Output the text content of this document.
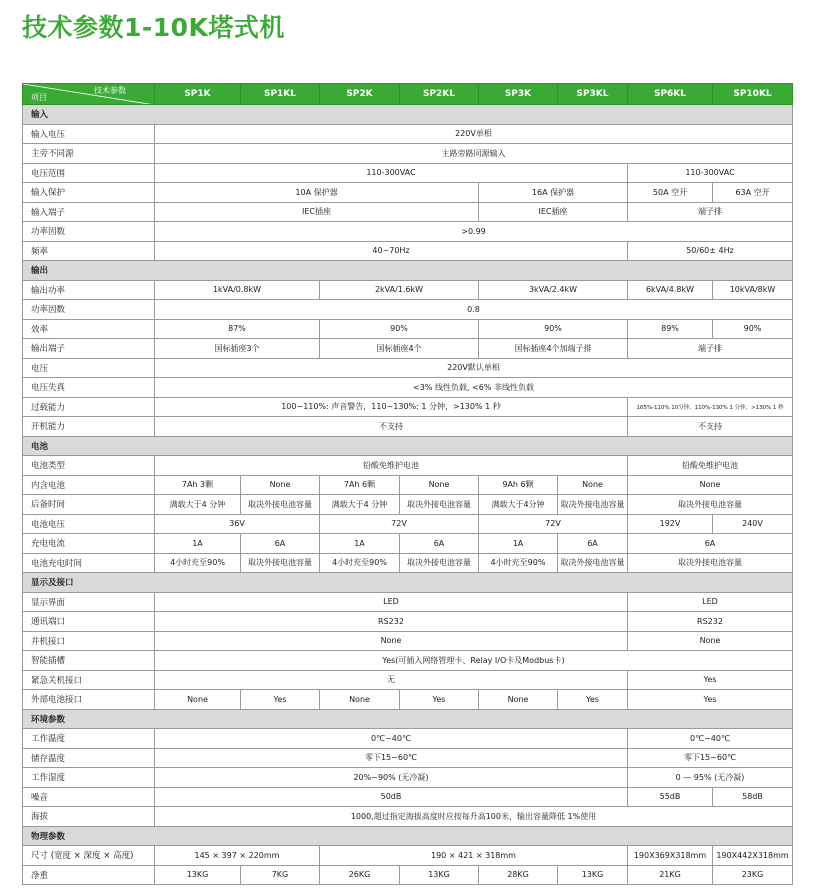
技术参数1-10K塔式机
技术参数
项目	SP1K	SP1KL	SP2K	SP2KL	SP3K	SP3KL	SP6KL	SP10KL
输入								
输入电压	220V单相							
主旁不同源	主路旁路同源输入							
电压范围	110-300VAC						110-300VAC	
输入保护	10A 保护器				16A 保护器		50A 空开	63A 空开
输入端子	IEC插座				IEC插座		端子排	
功率因数	>0.99							
频率	40~70Hz						50/60± 4Hz	
输出								
输出功率	1kVA/0.8kW		2kVA/1.6kW		3kVA/2.4kW		6kVA/4.8kW	10kVA/8kW
功率因数	0.8							
效率	87%		90%		90%		89%	90%
输出端子	国标插座3个		国标插座4个		国标插座4个加端子排		端子排	
电压	220V默认单相							
电压失真	<3% 线性负载, <6% 非线性负载							
过载能力	100~110%: 声音警告，110~130%: 1 分钟，>130% 1 秒						105%-110% 10分钟，110%-130% 1 分钟，>130% 1 秒	
开机能力	不支持						不支持	
电池								
电池类型	铅酸免维护电池						铅酸免维护电池	
内含电池	7Ah 3颗	None	7Ah 6颗	None	9Ah 6颗	None	None	
后备时间	满载大于4 分钟	取决外接电池容量	满载大于4 分钟	取决外接电池容量	满载大于4分钟	取决外接电池容量	取决外接电池容量	
电池电压	36V		72V		72V		192V	240V
充电电流	1A	6A	1A	6A	1A	6A	6A	
电池充电时间	4小时充至90%	取决外接电池容量	4小时充至90%	取决外接电池容量	4小时充至90%	取决外接电池容量	取决外接电池容量	
显示及接口								
显示界面	LED						LED	
通讯端口	RS232						RS232	
并机接口	None						None	
智能插槽	Yes(可插入网络管理卡、Relay I/O卡及Modbus卡)							
紧急关机接口	无						Yes	
外部电池接口	None	Yes	None	Yes	None	Yes	Yes	
环境参数								
工作温度	0℃~40℃						0℃~40℃	
储存温度	零下15~60℃						零下15~60℃	
工作湿度	20%~90% (无冷凝)						0 — 95% (无冷凝)	
噪音	50dB						55dB	58dB
海拔	1000,超过指定海拔高度时应按每升高100米，输出容量降低 1%使用							
物理参数								
尺寸 (宽度 × 深度 × 高度)	145 × 397 × 220mm		190 × 421 × 318mm				190X369X318mm	190X442X318mm
净重	13KG	7KG	26KG	13KG	28KG	13KG	21KG	23KG
